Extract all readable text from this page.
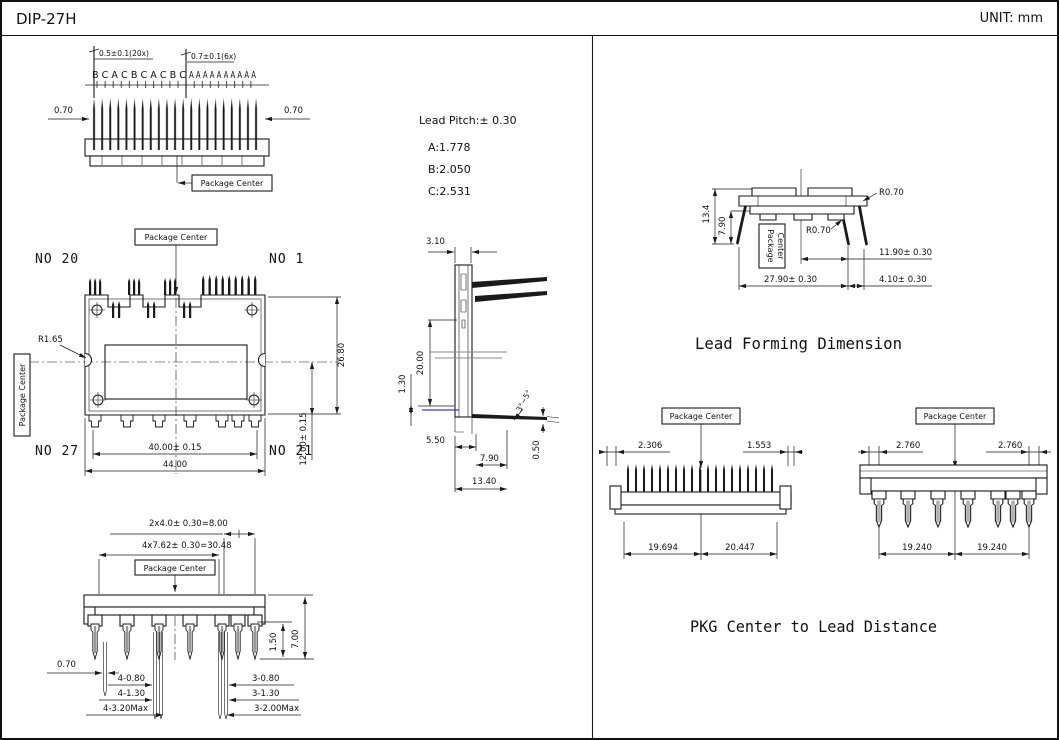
DIP-27H	UNIT: mm
B C A C B C A C B C A A A A A A A A A A
0.5±0.1(20x)	0.7±0.1(6x)
0.70	0.70
Package Center
Lead Pitch:± 0.30
A:1.778
B:2.050
C:2.531
Package Center
40.00± 0.15
44.00
26.80
12.00± 0.15
R1.65
NO 20	NO 1
NO 27	NO 21
Package Center
3.10
20.00
1.30
5.50
7.90
13.40
0.50
3°~5°
2x4.0± 0.30=8.00
4x7.62± 0.30=30.48
Package Center
0.70
4-0.80
4-1.30
4-3.20Max
3-0.80
3-1.30
3-2.00Max
1.50 7.00
13.4
7.90
R0.70
R0.70
Package Center	11.90± 0.30
27.90± 0.30	4.10± 0.30
Lead Forming Dimension
Package Center
2.306	1.553
19.694	20.447
Package Center
2.760	2.760
19.240	19.240
PKG Center to Lead Distance
